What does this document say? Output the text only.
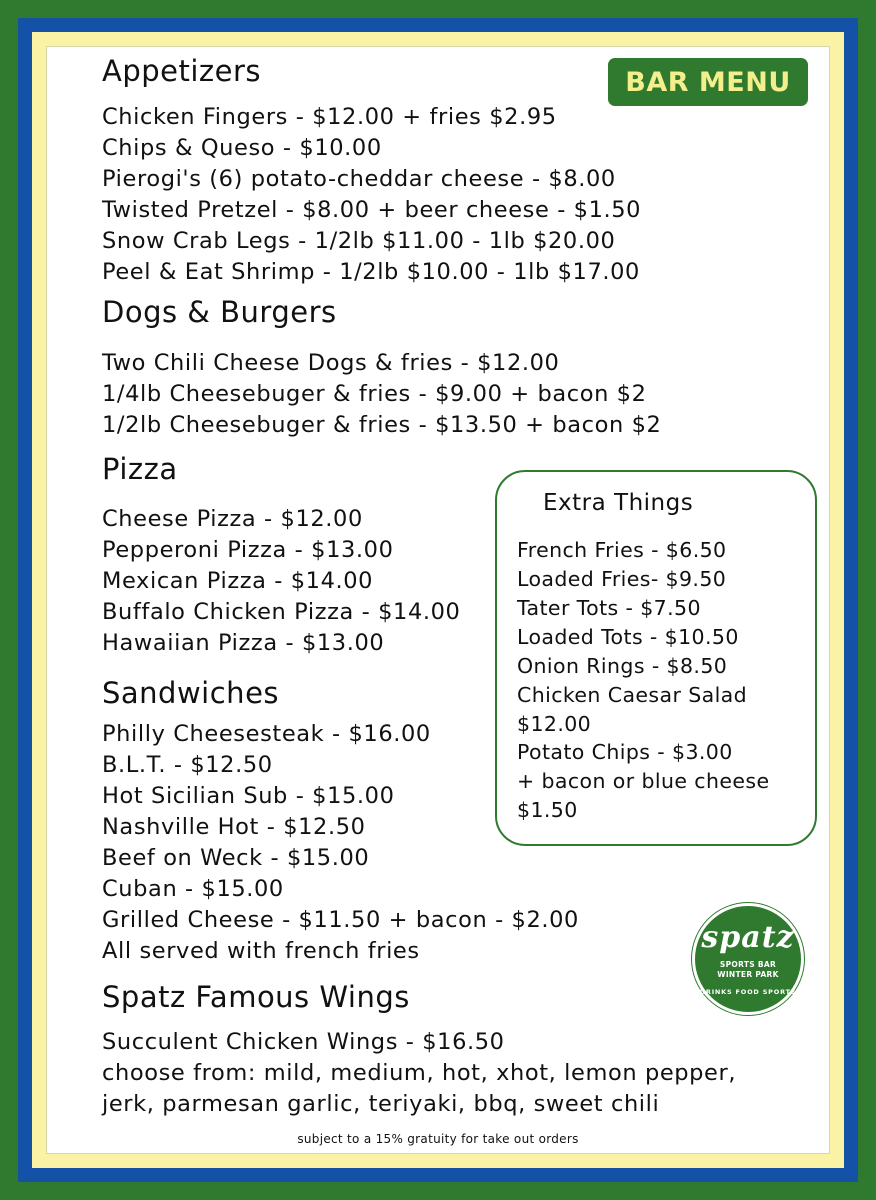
BAR MENU
Appetizers
Chicken Fingers - $12.00 + fries $2.95
Chips & Queso - $10.00
Pierogi's (6) potato-cheddar cheese - $8.00
Twisted Pretzel - $8.00 + beer cheese - $1.50
Snow Crab Legs - 1/2lb $11.00 - 1lb $20.00
Peel & Eat Shrimp - 1/2lb $10.00 - 1lb $17.00
Dogs & Burgers
Two Chili Cheese Dogs & fries - $12.00
1/4lb Cheesebuger & fries - $9.00 + bacon $2
1/2lb Cheesebuger & fries - $13.50 + bacon $2
Pizza
Cheese Pizza - $12.00
Pepperoni Pizza - $13.00
Mexican Pizza - $14.00
Buffalo Chicken Pizza - $14.00
Hawaiian Pizza - $13.00
Sandwiches
Philly Cheesesteak - $16.00
B.L.T. - $12.50
Hot Sicilian Sub - $15.00
Nashville Hot - $12.50
Beef on Weck - $15.00
Cuban - $15.00
Grilled Cheese - $11.50 + bacon - $2.00
All served with french fries
Spatz Famous Wings
Succulent Chicken Wings - $16.50
choose from: mild, medium, hot, xhot, lemon pepper,
jerk, parmesan garlic, teriyaki, bbq, sweet chili
Extra Things
French Fries - $6.50
Loaded Fries- $9.50
Tater Tots - $7.50
Loaded Tots - $10.50
Onion Rings - $8.50
Chicken Caesar Salad
$12.00
Potato Chips - $3.00
+ bacon or blue cheese
$1.50
spatz
SPORTS BAR
WINTER PARK
DRINKS FOOD SPORTS
subject to a 15% gratuity for take out orders
